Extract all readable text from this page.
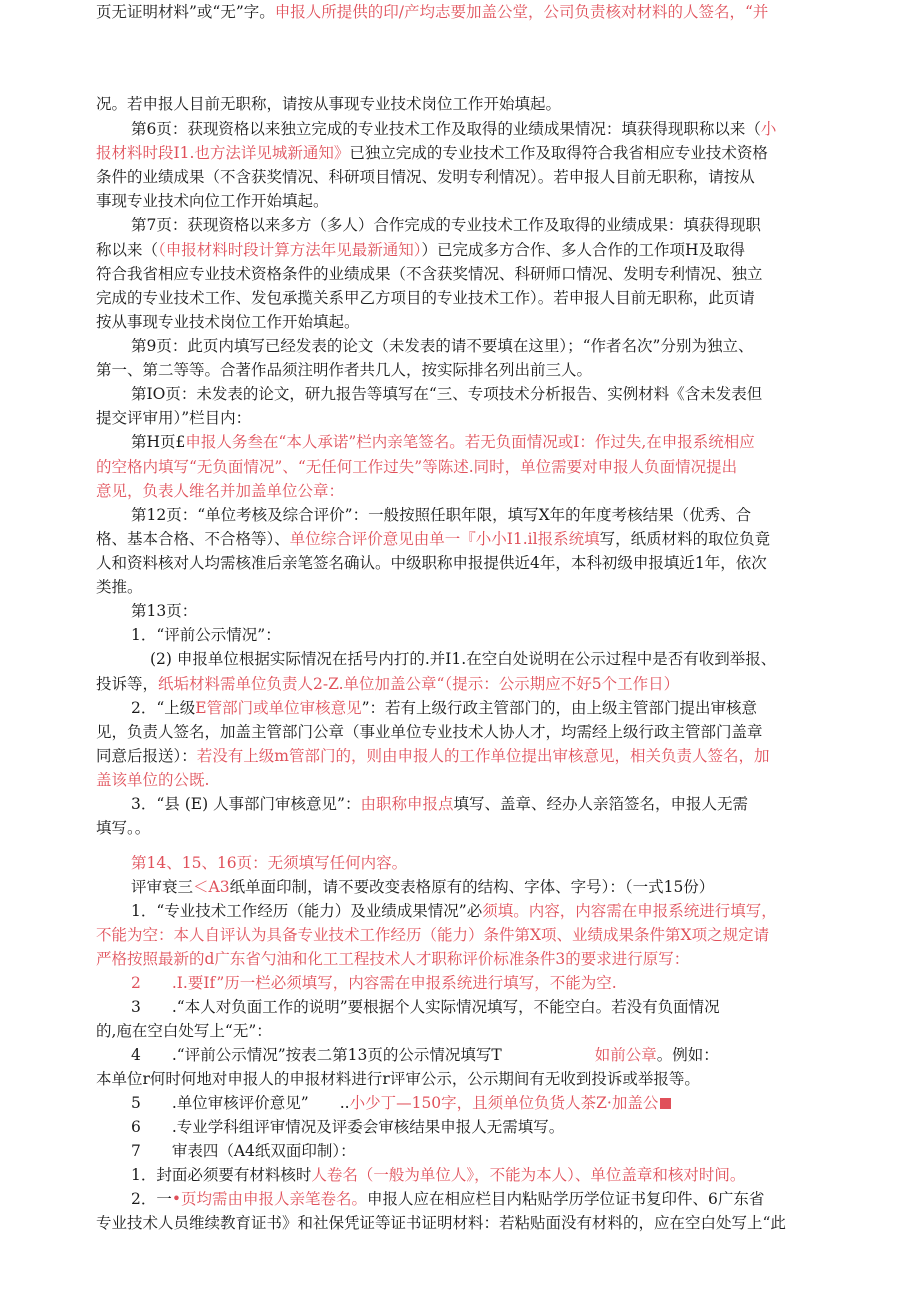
况。若申报人目前无职称，请按从事现专业技术岗位工作开始填起。
第6页：获现资格以来独立完成的专业技术工作及取得的业绩成果情况：填获得现职称以来（小
报材料时段I1.也方法详见城新通知》已独立完成的专业技术工作及取得符合我省相应专业技术资格
条件的业绩成果（不含获奖情况、科研项目情况、发明专利情况）。若申报人目前无职称，请按从
事现专业技术向位工作开始填起。
第7页：获现资格以来多方（多人）合作完成的专业技术工作及取得的业绩成果：填获得现职
称以来（（申报材料时段计算方法年见最新通知））已完成多方合作、多人合作的工作项H及取得
符合我省相应专业技术资格条件的业绩成果（不含获奖情况、科研师口情况、发明专利情况、独立
完成的专业技术工作、发包承揽关系甲乙方项目的专业技术工作）。若申报人目前无职称，此页请
按从事现专业技术岗位工作开始填起。
第9页：此页内填写已经发表的论文（未发表的请不要填在这里）；“作者名次”分别为独立、
第一、第二等等。合著作品须注明作者共几人，按实际排名列出前三人。
第IO页：未发表的论文，研九报告等填写在“三、专项技术分析报告、实例材料《含未发表但
提交评审用）”栏目内：
第H页£申报人务叁在“本人承诺”栏内亲笔签名。若无负面情况或I：作过失,在申报系统相应
的空格内填写“无负面情况”、“无任何工作过失”等陈述.同时，单位需要对申报人负面情况提出
意见，负表人维名并加盖单位公章：
第12页：“单位考核及综合评价”：一般按照任职年限，填写X年的年度考核结果（优秀、合
格、基本合格、不合格等）、单位综合评价意见由单一『小小I1.il报系统填写，纸质材料的取位负竟
人和资料核对人均需核准后亲笔签名确认。中级职称申报提供近4年，本科初级申报填近1年，依次
类推。
第13页：
1．“评前公示情况”：
(2) 申报单位根据实际情况在括号内打的.并I1.在空白处说明在公示过程中是否有收到举报、
投诉等，纸垢材料需单位负责人2-Z.单位加盖公章“（提示：公示期应不好5个工作日）
2．“上级E管部门或单位审核意见”：若有上级行政主管部门的，由上级主管部门提出审核意
见，负责人签名，加盖主管部门公章（事业单位专业技术人协人才，均需经上级行政主管部门盖章
同意后报送）：若没有上级m管部门的，则由申报人的工作单位提出审核意见，相关负责人签名，加
盖该单位的公既.
3．“县 (E) 人事部门审核意见”：由职称申报点填写、盖章、经办人亲箔签名，申报人无需
填写。。
第14、15、16页：无须填写任何内容。
评审衰三＜A3纸单面印制，请不要改变表格原有的结构、字体、字号）：（一式15份）
1．“专业技术工作经历（能力）及业绩成果情况”必须填。内容，内容需在申报系统进行填写，
不能为空：本人自评认为具备专业技术工作经历（能力）条件第X项、业绩成果条件第X项之规定请
严格按照最新的d广东省勺油和化工工程技术人才职称评价标准条件3的要求进行原写：
2　　.I.要If”历一栏必须填写，内容需在申报系统进行填写，不能为空.
3　　.“本人对负面工作的说明”要根据个人实际情况填写，不能空白。若没有负面情况
的,庖在空白处写上“无”：
4　　.“评前公示情况”按表二第13页的公示情况填写T　　　　　　如前公章。例如：
本单位r何时何地对申报人的申报材料进行r评审公示，公示期间有无收到投诉或举报等。
5　　.单位审核评价意见”　　..小少丁—150字，且须单位负货人茶Z·加盖公
6　　.专业学科组评审情况及评委会审核结果申报人无需填写。
7　　审表四（A4纸双面印制）：
1．封面必须要有材料核时人卷名（一般为单位人》，不能为本人）、单位盖章和核对时间。
2．一•页均需由申报人亲笔卷名。申报人应在相应栏目内粘贴学历学位证书复印件、6广东省
专业技术人员维续教育证书》和社保凭证等证书证明材料：若粘贴面没有材料的，应在空白处写上“此
页无证明材料”或“无”字。申报人所提供的印/产均志要加盖公堂，公司负责核对材料的人签名，“并
